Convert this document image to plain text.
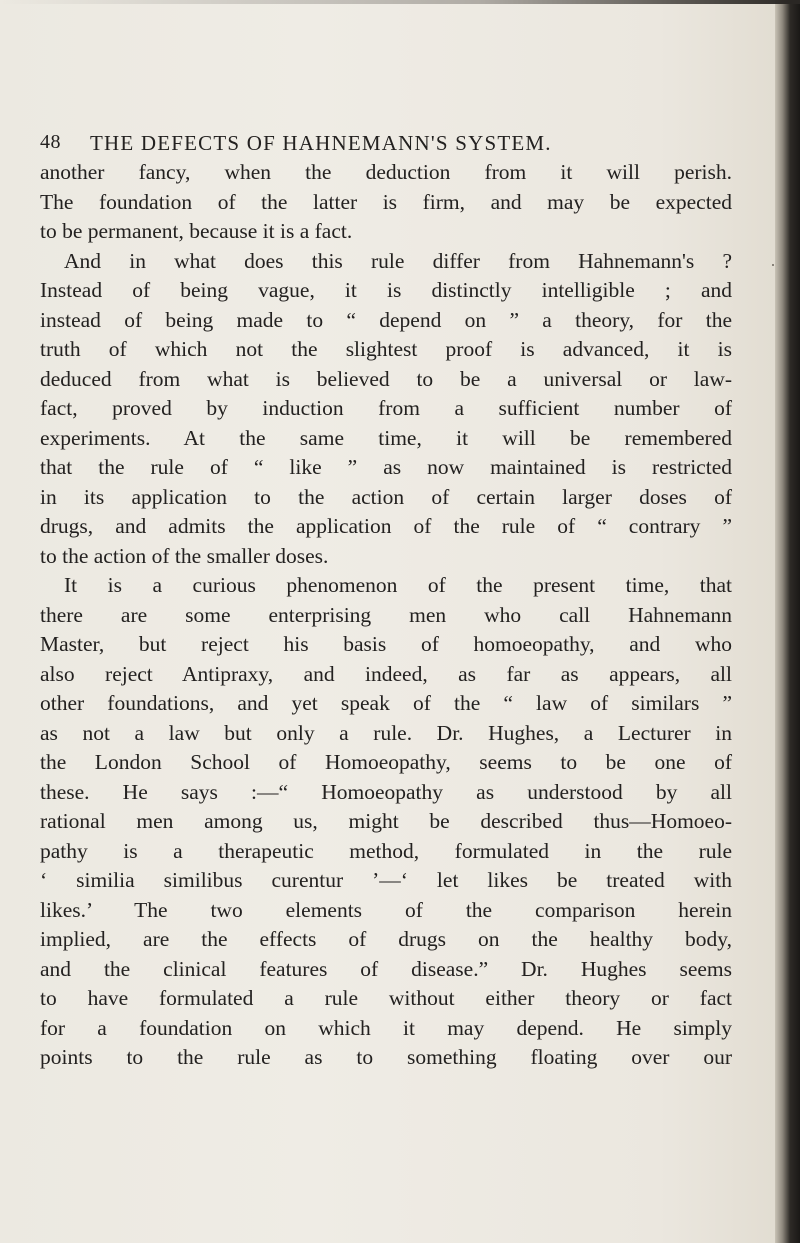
48 THE DEFECTS OF HAHNEMANN'S SYSTEM.
another fancy, when the deduction from it will perish.
The foundation of the latter is firm, and may be expected
to be permanent, because it is a fact.
And in what does this rule differ from Hahnemann's ?
Instead of being vague, it is distinctly intelligible ; and
instead of being made to “ depend on ” a theory, for the
truth of which not the slightest proof is advanced, it is
deduced from what is believed to be a universal or law-
fact, proved by induction from a sufficient number of
experiments. At the same time, it will be remembered
that the rule of “ like ” as now maintained is restricted
in its application to the action of certain larger doses of
drugs, and admits the application of the rule of “ contrary ”
to the action of the smaller doses.
It is a curious phenomenon of the present time, that
there are some enterprising men who call Hahnemann
Master, but reject his basis of homoeopathy, and who
also reject Antipraxy, and indeed, as far as appears, all
other foundations, and yet speak of the “ law of similars ”
as not a law but only a rule. Dr. Hughes, a Lecturer in
the London School of Homoeopathy, seems to be one of
these. He says :—“ Homoeopathy as understood by all
rational men among us, might be described thus—Homoeo-
pathy is a therapeutic method, formulated in the rule
‘ similia similibus curentur ’—‘ let likes be treated with
likes.’ The two elements of the comparison herein
implied, are the effects of drugs on the healthy body,
and the clinical features of disease.” Dr. Hughes seems
to have formulated a rule without either theory or fact
for a foundation on which it may depend. He simply
points to the rule as to something floating over our
